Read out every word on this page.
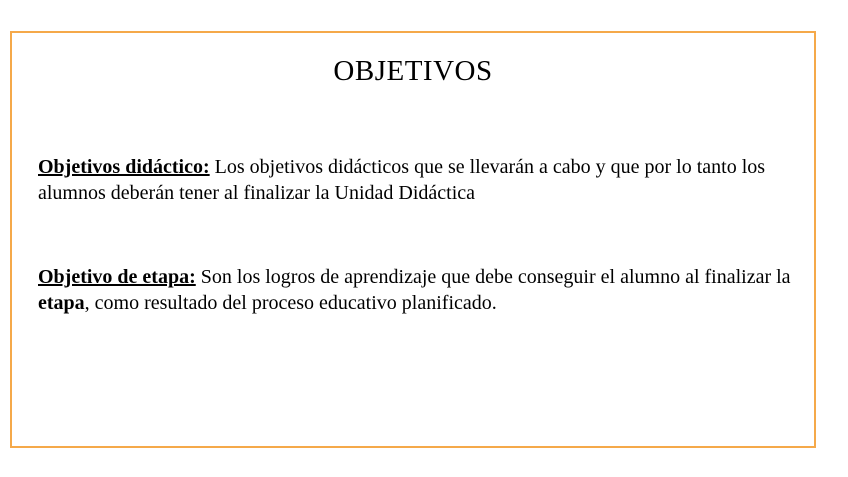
OBJETIVOS
Objetivos didáctico: Los objetivos didácticos que se llevarán a cabo y que por lo tanto los alumnos deberán tener al finalizar la Unidad Didáctica
Objetivo de etapa: Son los logros de aprendizaje que debe conseguir el alumno al finalizar la etapa, como resultado del proceso educativo planificado.
